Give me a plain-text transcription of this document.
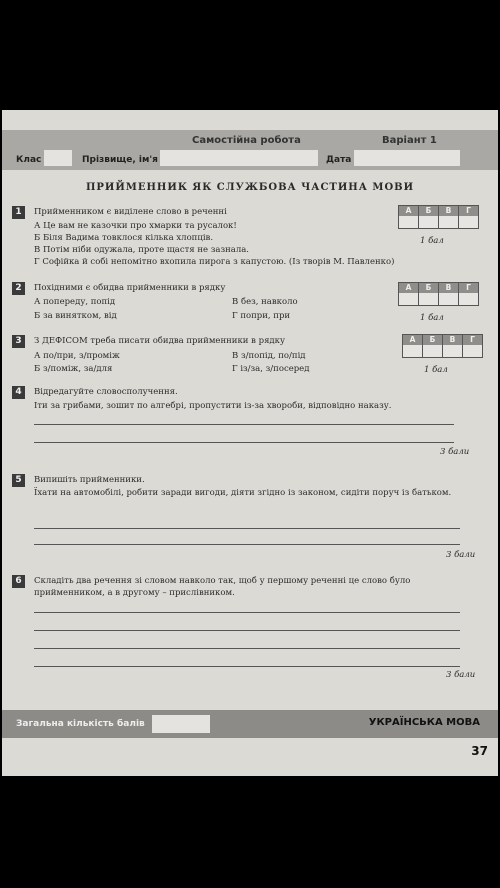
Самостійна робота	Варіант 1
Клас	Прізвище, ім'я	Дата
ПРИЙМЕННИК ЯК СЛУЖБОВА ЧАСТИНА МОВИ
1	Прийменником є виділене слово в реченні
А Це вам не казочки про хмарки та русалок!
Б Біля Вадима товклося кілька хлопців.
В Потім ніби одужала, проте щастя не зазнала.
Г Софійка й собі непомітно вхопила пирога з капустою. (Із творів М. Павленко)
А	Б	В	Г
1 бал
2	Похідними є обидва прийменники в рядку
А попереду, попід
Б за винятком, від
В без, навколо
Г попри, при
А	Б	В	Г
1 бал
3	З ДЕФІСОМ треба писати обидва прийменники в рядку
А по/при, з/проміж
Б з/поміж, за/для
В з/попід, по/під
Г із/за, з/посеред
А	Б	В	Г
1 бал
4	Відредагуйте словосполучення.
Іти за грибами, зошит по алгебрі, пропустити із-за хвороби, відповідно наказу.
3 бали
5	Випишіть прийменники.
Їхати на автомобілі, робити заради вигоди, діяти згідно із законом, сидіти поруч із батьком.
3 бали
6	Складіть два речення зі словом навколо так, щоб у першому реченні це слово було прийменником, а в другому – прислівником.
3 бали
Загальна кількість балів	УКРАЇНСЬКА МОВА
37
